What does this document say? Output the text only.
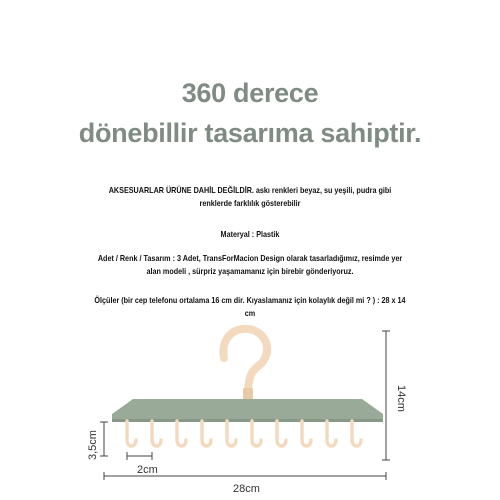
360 derece
dönebillir tasarıma sahiptir.
AKSESUARLAR ÜRÜNE DAHİL DEĞİLDİR. askı renkleri beyaz, su yeşili, pudra gibi renklerde farklılık gösterebilir
Materyal : Plastik
Adet / Renk / Tasarım : 3 Adet, TransForMacion Design olarak tasarladığımız, resimde yer alan modeli , sürpriz yaşamamanız için birebir gönderiyoruz.
Ölçüler (bir cep telefonu ortalama 16 cm dir. Kıyaslamanız için kolaylık değil mi ? ) : 28 x 14 cm
14cm
3,5cm
2cm
28cm
